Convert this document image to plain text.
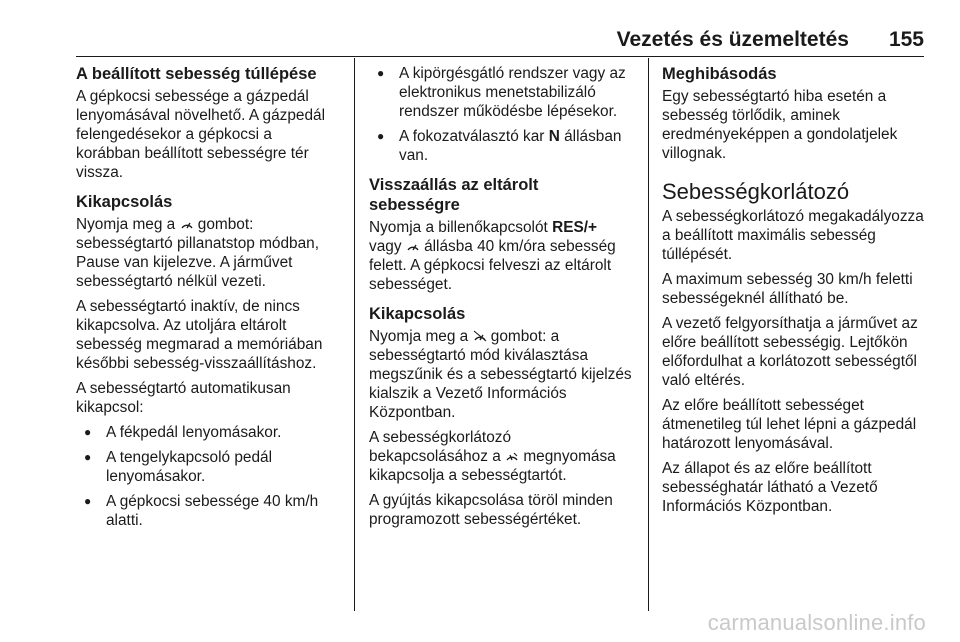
Vezetés és üzemeltetés 155
A beállított sebesség túllépése

A gépkocsi sebessége a gázpedál lenyomásával növelhető. A gázpedál felengedésekor a gépkocsi a korábban beállított sebességre tér vissza.

Kikapcsolás

Nyomja meg a gombot: sebességtartó pillanatstop módban, Pause van kijelezve. A járművet sebességtartó nélkül vezeti.

A sebességtartó inaktív, de nincs kikapcsolva. Az utoljára eltárolt sebesség megmarad a memóriában későbbi sebesség-visszaállításhoz.

A sebességtartó automatikusan kikapcsol:

● A fékpedál lenyomásakor.
● A tengelykapcsoló pedál lenyomásakor.
● A gépkocsi sebessége 40 km/h alatti.
● A kipörgésgátló rendszer vagy az elektronikus menetstabilizáló rendszer működésbe lépésekor.
● A fokozatválasztó kar N állásban van.
Visszaállás az eltárolt sebességre

Nyomja a billenőkapcsolót RES/+ vagy állásba 40 km/óra sebesség felett. A gépkocsi felveszi az eltárolt sebességet.

Kikapcsolás

Nyomja meg a gombot: a sebességtartó mód kiválasztása megszűnik és a sebességtartó kijelzés kialszik a Vezető Információs Központban.

A sebességkorlátozó bekapcsolásához a megnyomása kikapcsolja a sebességtartót.

A gyújtás kikapcsolása töröl minden programozott sebességértéket.

Meghibásodás

Egy sebességtartó hiba esetén a sebesség törlődik, aminek eredményeképpen a gondolatjelek villognak.

Sebességkorlátozó

A sebességkorlátozó megakadályozza a beállított maximális sebesség túllépését.

A maximum sebesség 30 km/h feletti sebességeknél állítható be.

A vezető felgyorsíthatja a járművet az előre beállított sebességig. Lejtőkön előfordulhat a korlátozott sebességtől való eltérés.

Az előre beállított sebességet átmenetileg túl lehet lépni a gázpedál határozott lenyomásával.

Az állapot és az előre beállított sebességhatár látható a Vezető Információs Központban.

carmanualsonline.info
